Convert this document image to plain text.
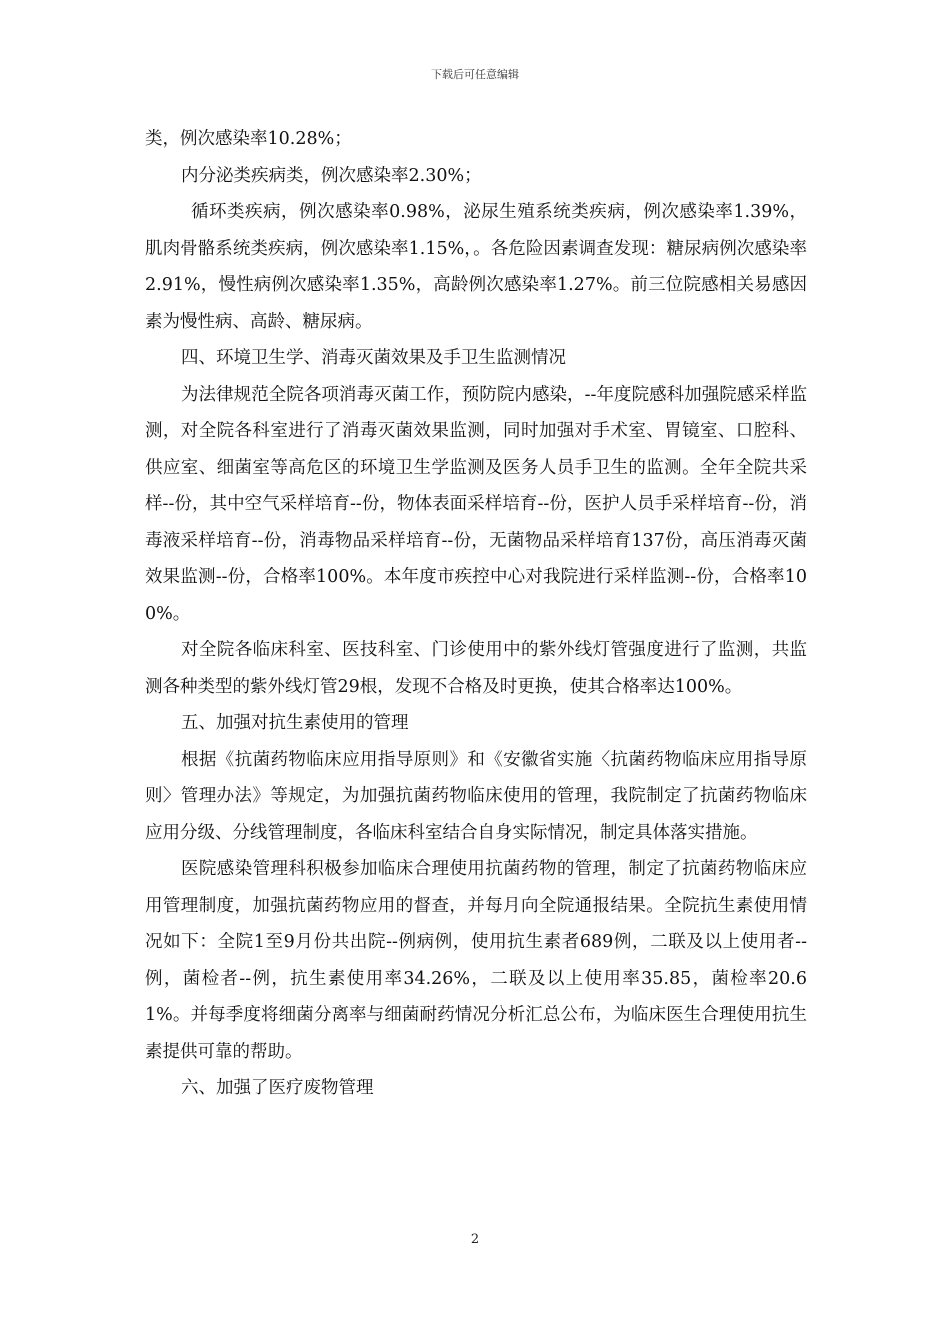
下载后可任意编辑

类，例次感染率10.28%；

内分泌类疾病类，例次感染率2.30%；

循环类疾病，例次感染率0.98%，泌尿生殖系统类疾病，例次感染率1.39%，肌肉骨骼系统类疾病，例次感染率1.15%，。各危险因素调查发现：糖尿病例次感染率2.91%，慢性病例次感染率1.35%，高龄例次感染率1.27%。前三位院感相关易感因素为慢性病、高龄、糖尿病。

四、环境卫生学、消毒灭菌效果及手卫生监测情况

为法律规范全院各项消毒灭菌工作，预防院内感染，--年度院感科加强院感采样监测，对全院各科室进行了消毒灭菌效果监测，同时加强对手术室、胃镜室、口腔科、供应室、细菌室等高危区的环境卫生学监测及医务人员手卫生的监测。全年全院共采样--份，其中空气采样培育--份，物体表面采样培育--份，医护人员手采样培育--份，消毒液采样培育--份，消毒物品采样培育--份，无菌物品采样培育137份，高压消毒灭菌效果监测--份，合格率100%。本年度市疾控中心对我院进行采样监测--份，合格率100%。

对全院各临床科室、医技科室、门诊使用中的紫外线灯管强度进行了监测，共监测各种类型的紫外线灯管29根，发现不合格及时更换，使其合格率达100%。

五、加强对抗生素使用的管理

根据《抗菌药物临床应用指导原则》和《安徽省实施〈抗菌药物临床应用指导原则〉管理办法》等规定，为加强抗菌药物临床使用的管理，我院制定了抗菌药物临床应用分级、分线管理制度，各临床科室结合自身实际情况，制定具体落实措施。

医院感染管理科积极参加临床合理使用抗菌药物的管理，制定了抗菌药物临床应用管理制度，加强抗菌药物应用的督查，并每月向全院通报结果。全院抗生素使用情况如下：全院1至9月份共出院--例病例，使用抗生素者689例，二联及以上使用者--例，菌检者--例，抗生素使用率34.26%，二联及以上使用率35.85，菌检率20.61%。并每季度将细菌分离率与细菌耐药情况分析汇总公布，为临床医生合理使用抗生素提供可靠的帮助。

六、加强了医疗废物管理

2
